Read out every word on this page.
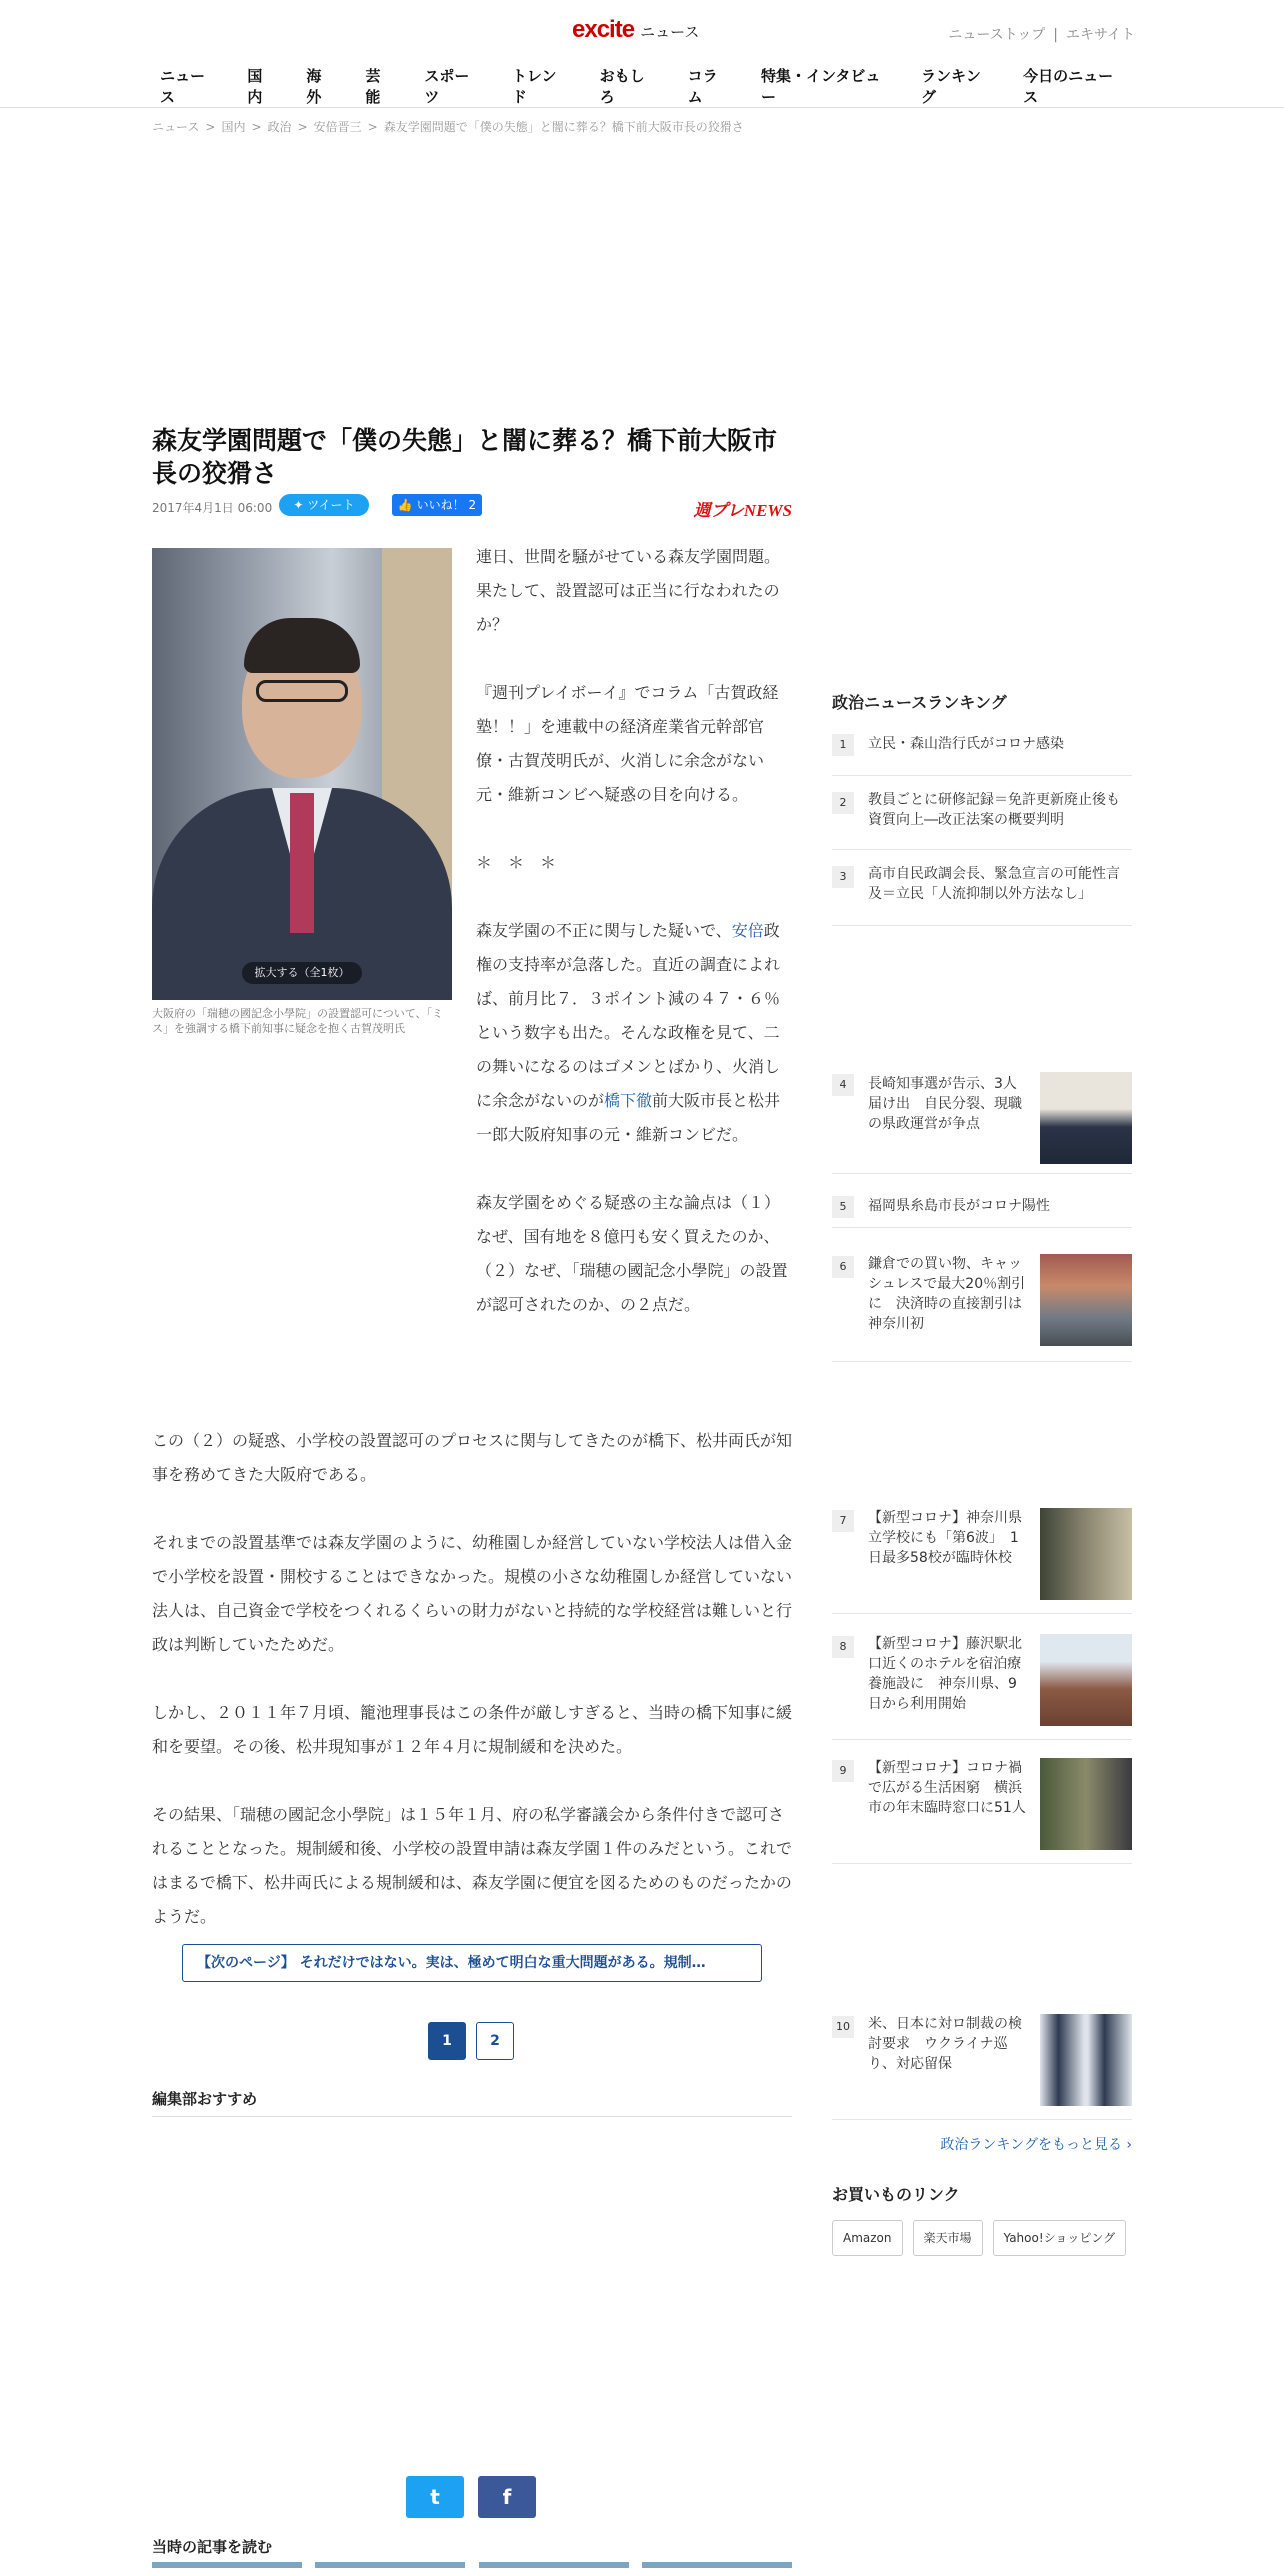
excite ニュース	ニューストップ | エキサイト
ニュース
国内
海外
芸能
スポーツ
トレンド
おもしろ
コラム
特集・インタビュー
ランキング
今日のニュース
ニュース > 国内 > 政治 > 安倍晋三 > 森友学園問題で「僕の失態」と闇に葬る？橋下前大阪市長の狡猾さ
森友学園問題で「僕の失態」と闇に葬る？橋下前大阪市長の狡猾さ
2017年4月1日 06:00	✦ ツイート	👍 いいね！ 2	週プレNEWS
拡大する（全1枚）
大阪府の「瑞穂の國記念小學院」の設置認可について、「ミス」を強調する橋下前知事に疑念を抱く古賀茂明氏

連日、世間を騒がせている森友学園問題。果たして、設置認可は正当に行なわれたのか？

『週刊プレイボーイ』でコラム「古賀政経塾！！」を連載中の経済産業省元幹部官僚・古賀茂明氏が、火消しに余念がない元・維新コンビへ疑惑の目を向ける。

＊　＊　＊

森友学園の不正に関与した疑いで、安倍政権の支持率が急落した。直近の調査によれば、前月比７．３ポイント減の４７・６％という数字も出た。そんな政権を見て、二の舞いになるのはゴメンとばかり、火消しに余念がないのが橋下徹前大阪市長と松井一郎大阪府知事の元・維新コンビだ。

森友学園をめぐる疑惑の主な論点は（１）なぜ、国有地を８億円も安く買えたのか、（２）なぜ、「瑞穂の國記念小學院」の設置が認可されたのか、の２点だ。

この（２）の疑惑、小学校の設置認可のプロセスに関与してきたのが橋下、松井両氏が知事を務めてきた大阪府である。

それまでの設置基準では森友学園のように、幼稚園しか経営していない学校法人は借入金で小学校を設置・開校することはできなかった。規模の小さな幼稚園しか経営していない法人は、自己資金で学校をつくれるくらいの財力がないと持続的な学校経営は難しいと行政は判断していたためだ。

しかし、２０１１年７月頃、籠池理事長はこの条件が厳しすぎると、当時の橋下知事に緩和を要望。その後、松井現知事が１２年４月に規制緩和を決めた。

その結果、「瑞穂の國記念小學院」は１５年１月、府の私学審議会から条件付きで認可されることとなった。規制緩和後、小学校の設置申請は森友学園１件のみだという。これではまるで橋下、松井両氏による規制緩和は、森友学園に便宜を図るためのものだったかのようだ。

【次のページ】 それだけではない。実は、極めて明白な重大問題がある。規制…
1	2
編集部おすすめ
t	f
当時の記事を読む
政治ニュースランキング
1	立民・森山浩行氏がコロナ感染
2	教員ごとに研修記録＝免許更新廃止後も資質向上―改正法案の概要判明
3	高市自民政調会長、緊急宣言の可能性言及＝立民「人流抑制以外方法なし」
4	長崎知事選が告示、3人届け出　自民分裂、現職の県政運営が争点
5	福岡県糸島市長がコロナ陽性
6	鎌倉での買い物、キャッシュレスで最大20％割引に　決済時の直接割引は神奈川初
7	【新型コロナ】神奈川県立学校にも「第6波」　1日最多58校が臨時休校
8	【新型コロナ】藤沢駅北口近くのホテルを宿泊療養施設に　神奈川県、9日から利用開始
9	【新型コロナ】コロナ禍で広がる生活困窮　横浜市の年末臨時窓口に51人
10 米、日本に対ロ制裁の検討要求　ウクライナ巡り、対応留保
政治ランキングをもっと見る ›
お買いものリンク
Amazon	楽天市場	Yahoo!ショッピング
